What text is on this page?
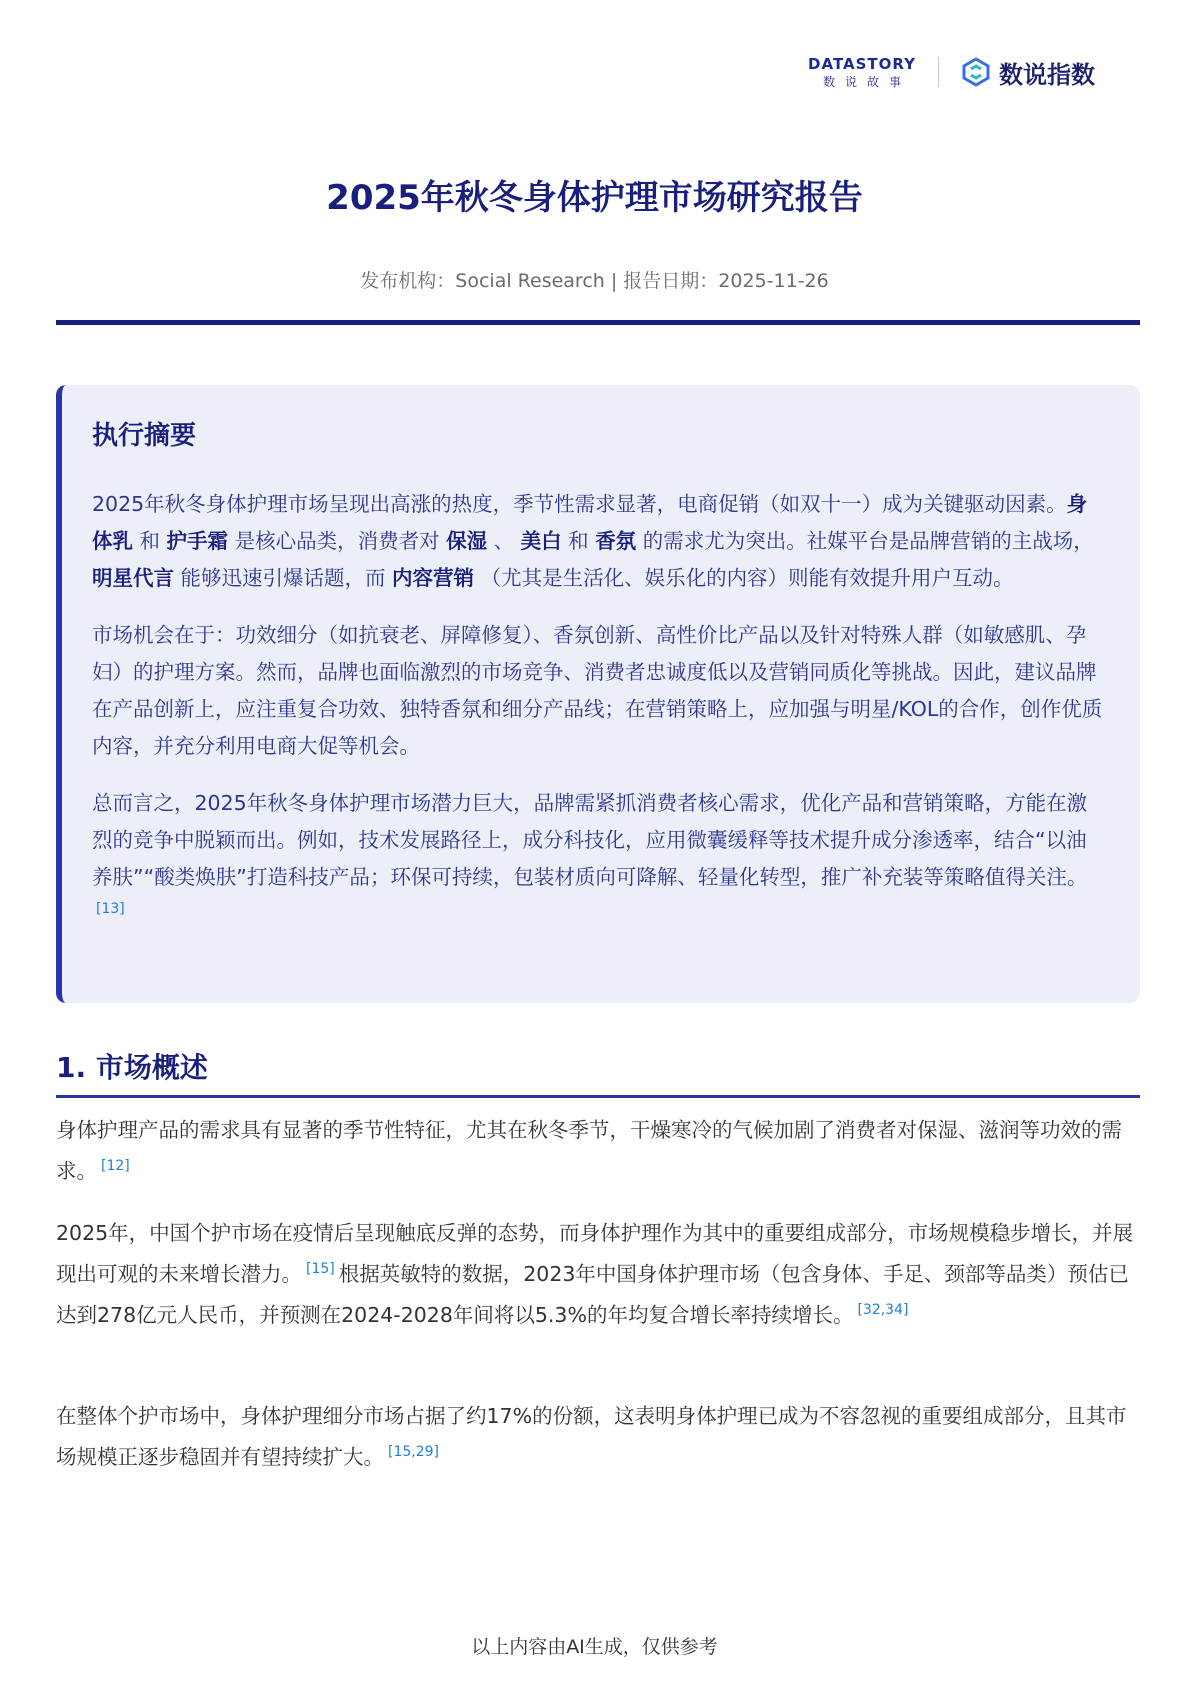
DATASTORY
数说故事	数说指数
2025年秋冬身体护理市场研究报告
发布机构：Social Research | 报告日期：2025-11-26
执行摘要

2025年秋冬身体护理市场呈现出高涨的热度，季节性需求显著，电商促销（如双十一）成为关键驱动因素。身体乳 和 护手霜 是核心品类，消费者对 保湿 、 美白 和 香氛 的需求尤为突出。社媒平台是品牌营销的主战场， 明星代言 能够迅速引爆话题，而 内容营销 （尤其是生活化、娱乐化的内容）则能有效提升用户互动。

市场机会在于：功效细分（如抗衰老、屏障修复）、香氛创新、高性价比产品以及针对特殊人群（如敏感肌、孕妇）的护理方案。然而，品牌也面临激烈的市场竞争、消费者忠诚度低以及营销同质化等挑战。因此，建议品牌在产品创新上，应注重复合功效、独特香氛和细分产品线；在营销策略上，应加强与明星/KOL的合作，创作优质内容，并充分利用电商大促等机会。

总而言之，2025年秋冬身体护理市场潜力巨大，品牌需紧抓消费者核心需求，优化产品和营销策略，方能在激烈的竞争中脱颖而出。例如，技术发展路径上，成分科技化，应用微囊缓释等技术提升成分渗透率，结合“以油养肤”“酸类焕肤”打造科技产品；环保可持续，包装材质向可降解、轻量化转型，推广补充装等策略值得关注。[13]

1. 市场概述

身体护理产品的需求具有显著的季节性特征，尤其在秋冬季节，干燥寒冷的气候加剧了消费者对保湿、滋润等功效的需求。 [12]

2025年，中国个护市场在疫情后呈现触底反弹的态势，而身体护理作为其中的重要组成部分，市场规模稳步增长，并展现出可观的未来增长潜力。 [15] 根据英敏特的数据，2023年中国身体护理市场（包含身体、手足、颈部等品类）预估已达到278亿元人民币，并预测在2024-2028年间将以5.3%的年均复合增长率持续增长。 [32,34]

在整体个护市场中，身体护理细分市场占据了约17%的份额，这表明身体护理已成为不容忽视的重要组成部分，且其市场规模正逐步稳固并有望持续扩大。 [15,29]

以上内容由AI生成，仅供参考
